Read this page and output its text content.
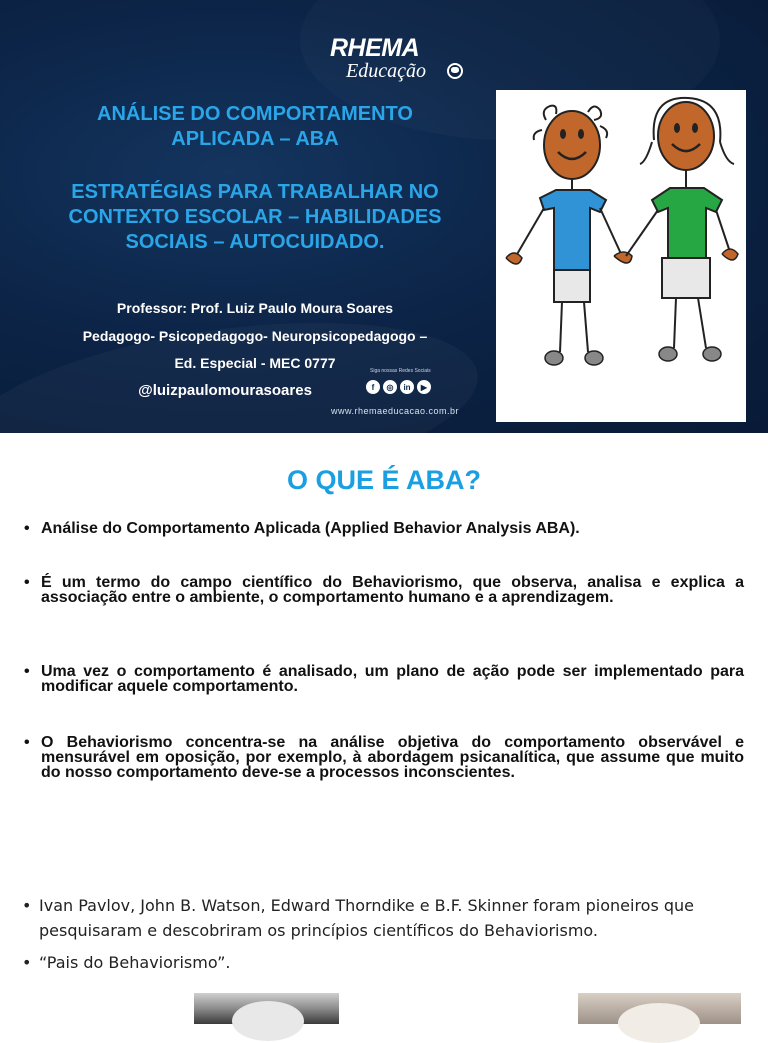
RHEMA
Educação
ANÁLISE DO COMPORTAMENTO
APLICADA – ABA
ESTRATÉGIAS PARA TRABALHAR NO
CONTEXTO ESCOLAR – HABILIDADES
SOCIAIS – AUTOCUIDADO.
Professor: Prof. Luiz Paulo Moura Soares
Pedagogo- Psicopedagogo- Neuropsicopedagogo –
Ed. Especial - MEC 0777
@luizpaulomourasoares
Siga nossas Redes Sociais
f	◎	in	▶
www.rhemaeducacao.com.br
O QUE É ABA?
• Análise do Comportamento Aplicada (Applied Behavior Analysis ABA).
• É um termo do campo científico do Behaviorismo, que observa, analisa e explica a associação entre o ambiente, o comportamento humano e a aprendizagem.
• Uma vez o comportamento é analisado, um plano de ação pode ser implementado para modificar aquele comportamento.
• O Behaviorismo concentra-se na análise objetiva do comportamento observável e mensurável em oposição, por exemplo, à abordagem psicanalítica, que assume que muito do nosso comportamento deve-se a processos inconscientes.
• Ivan Pavlov, John B. Watson, Edward Thorndike e B.F. Skinner foram pioneiros que pesquisaram e descobriram os princípios científicos do Behaviorismo.
• “Pais do Behaviorismo”.
